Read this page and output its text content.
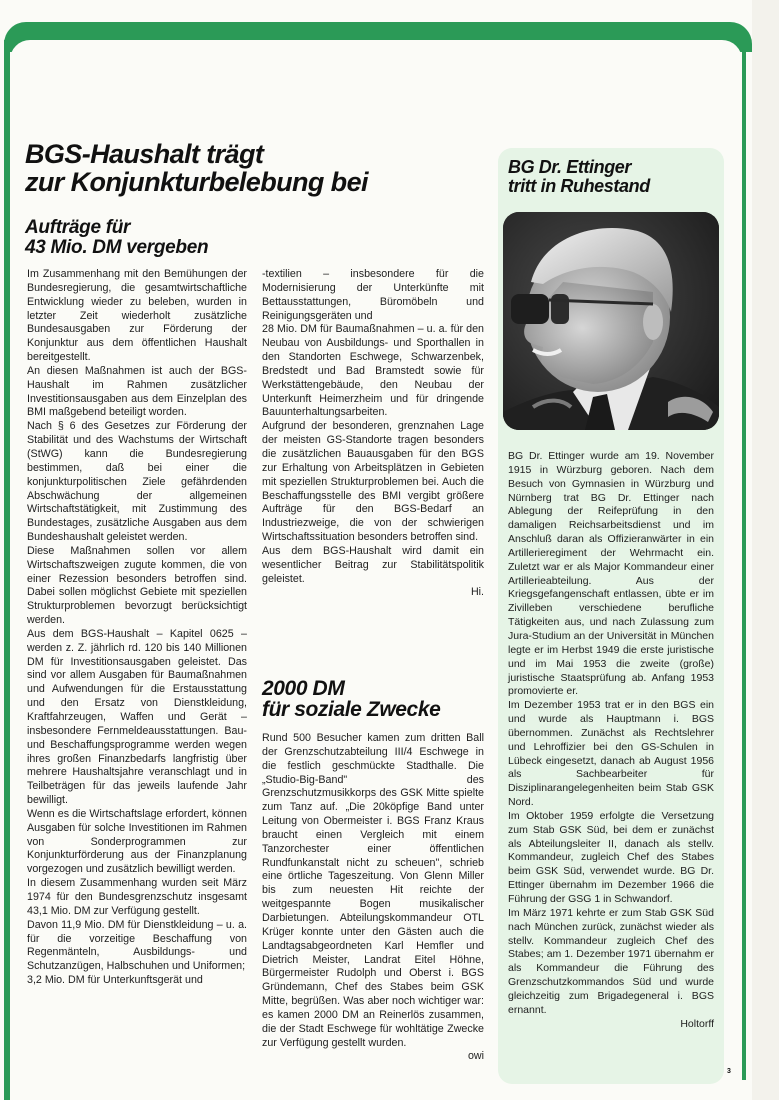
BGS-Haushalt trägt
zur Konjunkturbelebung bei
Aufträge für
43 Mio. DM vergeben

Im Zusammenhang mit den Bemühungen der Bundesregierung, die gesamtwirtschaftliche Entwicklung wieder zu beleben, wurden in letzter Zeit wiederholt zusätzliche Bundesausgaben zur Förderung der Konjunktur aus dem öffentlichen Haushalt bereitgestellt.

An diesen Maßnahmen ist auch der BGS-Haushalt im Rahmen zusätzlicher Investitionsausgaben aus dem Einzelplan des BMI maßgebend beteiligt worden.

Nach § 6 des Gesetzes zur Förderung der Stabilität und des Wachstums der Wirtschaft (StWG) kann die Bundesregierung bestimmen, daß bei einer die konjunkturpolitischen Ziele gefährdenden Abschwächung der allgemeinen Wirtschaftstätigkeit, mit Zustimmung des Bundestages, zusätzliche Ausgaben aus dem Bundeshaushalt geleistet werden.

Diese Maßnahmen sollen vor allem Wirtschaftszweigen zugute kommen, die von einer Rezession besonders betroffen sind. Dabei sollen möglichst Gebiete mit speziellen Strukturproblemen bevorzugt berücksichtigt werden.

Aus dem BGS-Haushalt – Kapitel 0625 – werden z. Z. jährlich rd. 120 bis 140 Millionen DM für Investitionsausgaben geleistet. Das sind vor allem Ausgaben für Baumaßnahmen und Aufwendungen für die Erstausstattung und den Ersatz von Dienstkleidung, Kraftfahrzeugen, Waffen und Gerät – insbesondere Fernmeldeausstattungen. Bau- und Beschaffungsprogramme werden wegen ihres großen Finanzbedarfs langfristig über mehrere Haushaltsjahre veranschlagt und in Teilbeträgen für das jeweils laufende Jahr bewilligt.

Wenn es die Wirtschaftslage erfordert, können Ausgaben für solche Investitionen im Rahmen von Sonderprogrammen zur Konjunkturförderung aus der Finanzplanung vorgezogen und zusätzlich bewilligt werden.

In diesem Zusammenhang wurden seit März 1974 für den Bundesgrenzschutz insgesamt 43,1 Mio. DM zur Verfügung gestellt.

Davon 11,9 Mio. DM für Dienstkleidung – u. a. für die vorzeitige Beschaffung von Regenmänteln, Ausbildungs- und Schutzanzügen, Halbschuhen und Uniformen;

3,2 Mio. DM für Unterkunftsgerät und

-textilien – insbesondere für die Modernisierung der Unterkünfte mit Bettausstattungen, Büromöbeln und Reinigungsgeräten und

28 Mio. DM für Baumaßnahmen – u. a. für den Neubau von Ausbildungs- und Sporthallen in den Standorten Eschwege, Schwarzenbek, Bredstedt und Bad Bramstedt sowie für Werkstättengebäude, den Neubau der Unterkunft Heimerzheim und für dringende Bauunterhaltungsarbeiten.

Aufgrund der besonderen, grenznahen Lage der meisten GS-Standorte tragen besonders die zusätzlichen Bauausgaben für den BGS zur Erhaltung von Arbeitsplätzen in Gebieten mit speziellen Strukturproblemen bei. Auch die Beschaffungsstelle des BMI vergibt größere Aufträge für den BGS-Bedarf an Industriezweige, die von der schwierigen Wirtschaftssituation besonders betroffen sind.

Aus dem BGS-Haushalt wird damit ein wesentlicher Beitrag zur Stabilitätspolitik geleistet.

Hi.

2000 DM
für soziale Zwecke

Rund 500 Besucher kamen zum dritten Ball der Grenzschutzabteilung III/4 Eschwege in die festlich geschmückte Stadthalle. Die „Studio-Big-Band" des Grenzschutzmusikkorps des GSK Mitte spielte zum Tanz auf. „Die 20köpfige Band unter Leitung von Obermeister i. BGS Franz Kraus braucht einen Vergleich mit einem Tanzorchester einer öffentlichen Rundfunkanstalt nicht zu scheuen", schrieb eine örtliche Tageszeitung. Von Glenn Miller bis zum neuesten Hit reichte der weitgespannte Bogen musikalischer Darbietungen. Abteilungskommandeur OTL Krüger konnte unter den Gästen auch die Landtagsabgeordneten Karl Hemfler und Dietrich Meister, Landrat Eitel Höhne, Bürgermeister Rudolph und Oberst i. BGS Gründemann, Chef des Stabes beim GSK Mitte, begrüßen. Was aber noch wichtiger war: es kamen 2000 DM an Reinerlös zusammen, die der Stadt Eschwege für wohltätige Zwecke zur Verfügung gestellt wurden.

owi

BG Dr. Ettinger
tritt in Ruhestand

BG Dr. Ettinger wurde am 19. November 1915 in Würzburg geboren. Nach dem Besuch von Gymnasien in Würzburg und Nürnberg trat BG Dr. Ettinger nach Ablegung der Reifeprüfung in den damaligen Reichsarbeitsdienst und im Anschluß daran als Offizieranwärter in ein Artillerieregiment der Wehrmacht ein. Zuletzt war er als Major Kommandeur einer Artillerieabteilung. Aus der Kriegsgefangenschaft entlassen, übte er im Zivilleben verschiedene berufliche Tätigkeiten aus, und nach Zulassung zum Jura-Studium an der Universität in München legte er im Herbst 1949 die erste juristische und im Mai 1953 die zweite (große) juristische Staatsprüfung ab. Anfang 1953 promovierte er.

Im Dezember 1953 trat er in den BGS ein und wurde als Hauptmann i. BGS übernommen. Zunächst als Rechtslehrer und Lehroffizier bei den GS-Schulen in Lübeck eingesetzt, danach ab August 1956 als Sachbearbeiter für Disziplinarangelegenheiten beim Stab GSK Nord.

Im Oktober 1959 erfolgte die Versetzung zum Stab GSK Süd, bei dem er zunächst als Abteilungsleiter II, danach als stellv. Kommandeur, zugleich Chef des Stabes beim GSK Süd, verwendet wurde. BG Dr. Ettinger übernahm im Dezember 1966 die Führung der GSG 1 in Schwandorf.

Im März 1971 kehrte er zum Stab GSK Süd nach München zurück, zunächst wieder als stellv. Kommandeur zugleich Chef des Stabes; am 1. Dezember 1971 übernahm er als Kommandeur die Führung des Grenzschutzkommandos Süd und wurde gleichzeitig zum Brigadegeneral i. BGS ernannt.

Holtorff

3
